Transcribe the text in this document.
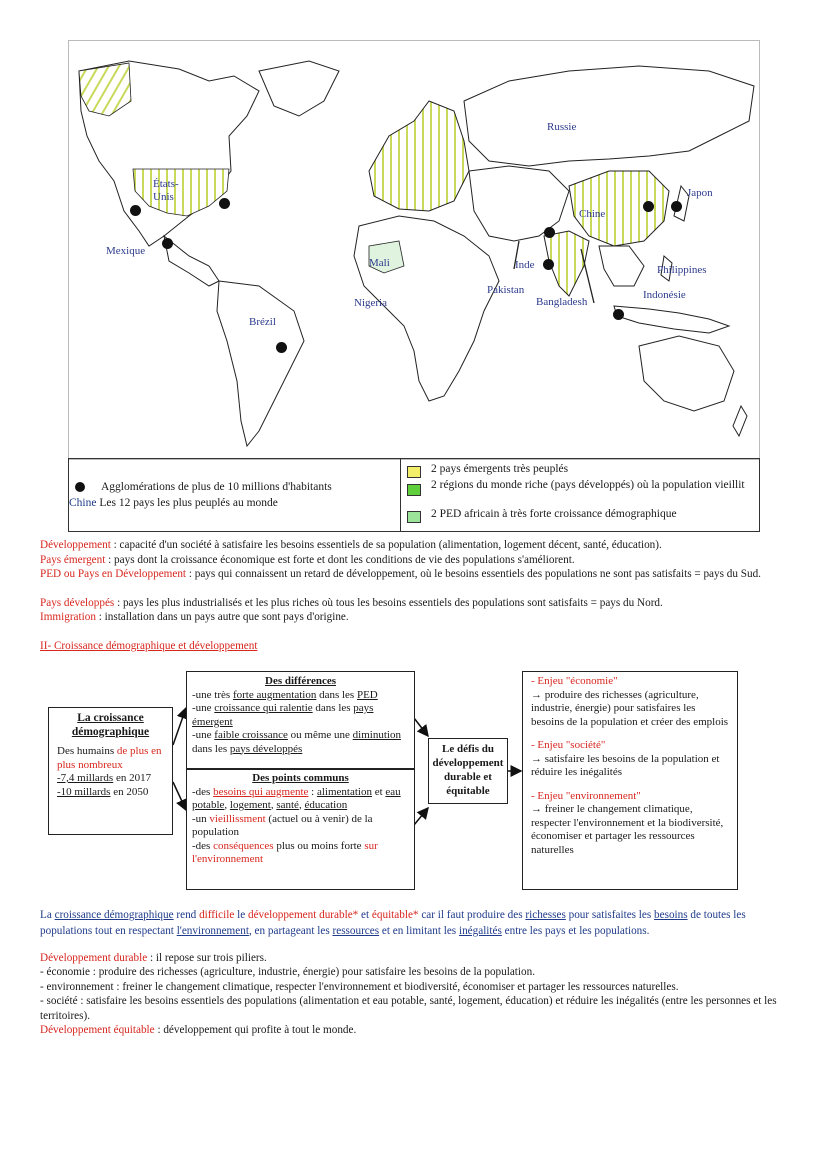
Russie
États-
Unis	Japon
Chine
Mexique
Mali	Inde	Philippines
Pakistan	Indonésie
Nigeria	Bangladesh
Brézil
Agglomérations de plus de 10 millions d'habitants
Chine Les 12 pays les plus peuplés au monde
2 pays émergents très peuplés
2 régions du monde riche (pays développés) où la population vieillit
2 PED africain à très forte croissance démographique
Développement : capacité d'un société à satisfaire les besoins essentiels de sa population (alimentation, logement décent, santé, éducation).
Pays émergent : pays dont la croissance économique est forte et dont les conditions de vie des populations s'améliorent.
PED ou Pays en Développement : pays qui connaissent un retard de développement, où le besoins essentiels des populations ne sont pas satisfaits = pays du Sud.
Pays développés : pays les plus industrialisés et les plus riches où tous les besoins essentiels des populations sont satisfaits = pays du Nord.
Immigration : installation dans un pays autre que sont pays d'origine.
II- Croissance démographique et développement
La croissance démographique
Des humains de plus en plus nombreux
-7,4 millards en 2017
-10 millards en 2050
Des différences
-une très forte augmentation dans les PED
-une croissance qui ralentie dans les pays émergent
-une faible croissance ou même une diminution dans les pays développés
Des points communs
-des besoins qui augmente : alimentation et eau potable, logement, santé, éducation
-un vieillissment (actuel ou à venir) de la population
-des conséquences plus ou moins forte sur l'environnement
Le défis du développement durable et équitable
- Enjeu "économie"
→ produire des richesses (agriculture, industrie, énergie) pour satisfaires les besoins de la population et créer des emplois
- Enjeu "société"
→ satisfaire les besoins de la population et réduire les inégalités
- Enjeu "environnement"
→ freiner le changement climatique, respecter l'environnement et la biodiversité, économiser et partager les ressources naturelles
La croissance démographique rend difficile le développement durable* et équitable* car il faut produire des richesses pour satisfaites les besoins de toutes les populations tout en respectant l'environnement, en partageant les ressources et en limitant les inégalités entre les pays et les populations.
Développement durable : il repose sur trois piliers.
- économie : produire des richesses (agriculture, industrie, énergie) pour satisfaire les besoins de la population.
- environnement : freiner le changement climatique, respecter l'environnement et biodiversité, économiser et partager les ressources naturelles.
- société : satisfaire les besoins essentiels des populations (alimentation et eau potable, santé, logement, éducation) et réduire les inégalités (entre les personnes et les territoires).
Développement équitable : développement qui profite à tout le monde.
